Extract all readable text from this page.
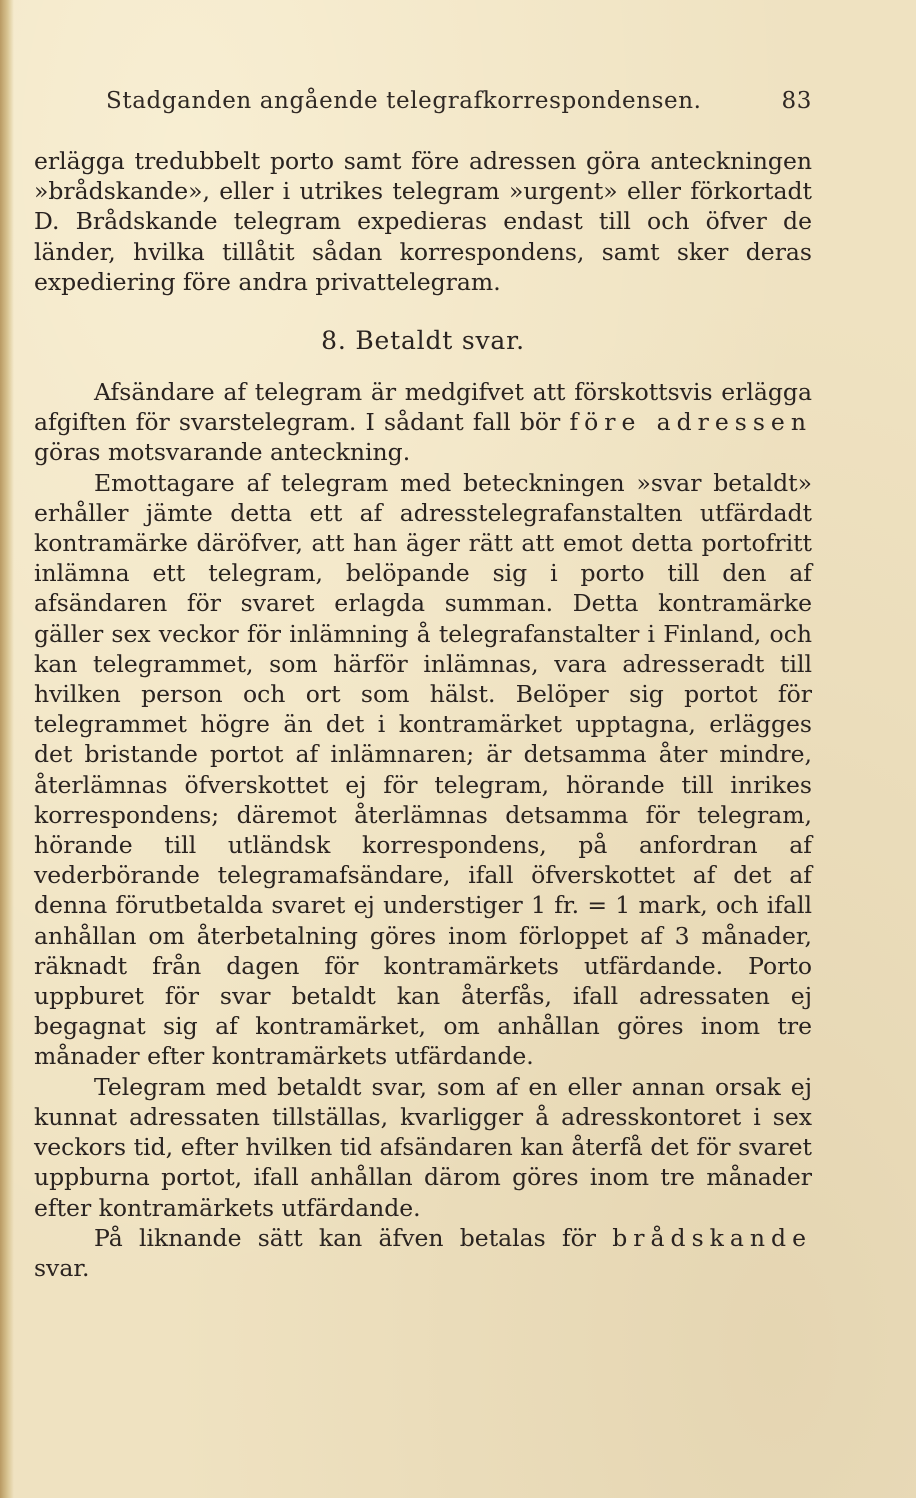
Stadganden angående telegrafkorrespondensen.	83

erlägga tredubbelt porto samt före adressen göra anteckningen »brådskande», eller i utrikes telegram »urgent» eller förkortadt D. Brådskande telegram expedieras endast till och öfver de länder, hvilka tillåtit sådan korrespondens, samt sker deras expediering före andra privattelegram.

8. Betaldt svar.

Afsändare af telegram är medgifvet att förskottsvis erlägga afgiften för svarstelegram. I sådant fall bör före adressen göras motsvarande anteckning.

Emottagare af telegram med beteckningen »svar betaldt» erhåller jämte detta ett af adresstelegrafanstalten utfärdadt kontramärke däröfver, att han äger rätt att emot detta portofritt inlämna ett telegram, belöpande sig i porto till den af afsändaren för svaret erlagda summan. Detta kontramärke gäller sex veckor för inlämning å telegrafanstalter i Finland, och kan telegrammet, som härför inlämnas, vara adresseradt till hvilken person och ort som hälst. Belöper sig portot för telegrammet högre än det i kontramärket upptagna, erlägges det bristande portot af inlämnaren; är detsamma åter mindre, återlämnas öfverskottet ej för telegram, hörande till inrikes korrespondens; däremot återlämnas detsamma för telegram, hörande till utländsk korrespondens, på anfordran af vederbörande telegramafsändare, ifall öfverskottet af det af denna förutbetalda svaret ej understiger 1 fr. = 1 mark, och ifall anhållan om återbetalning göres inom förloppet af 3 månader, räknadt från dagen för kontramärkets utfärdande. Porto uppburet för svar betaldt kan återfås, ifall adressaten ej begagnat sig af kontramärket, om anhållan göres inom tre månader efter kontramärkets utfärdande.

Telegram med betaldt svar, som af en eller annan orsak ej kunnat adressaten tillställas, kvarligger å adresskontoret i sex veckors tid, efter hvilken tid afsändaren kan återfå det för svaret uppburna portot, ifall anhållan därom göres inom tre månader efter kontramärkets utfärdande.

På liknande sätt kan äfven betalas för brådskande svar.
